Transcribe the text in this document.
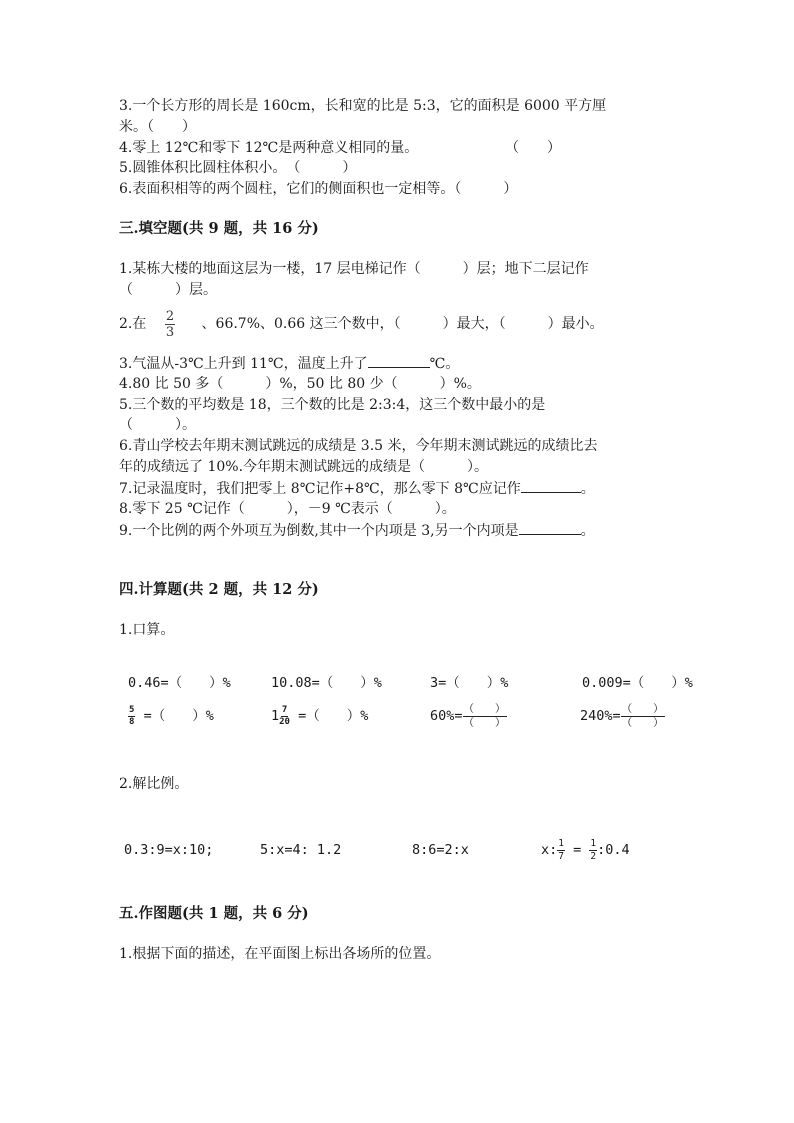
3.一个长方形的周长是 160cm，长和宽的比是 5:3，它的面积是 6000 平方厘
米。（　　）
4.零上 12℃和零下 12℃是两种意义相同的量。	（　　）
5.圆锥体积比圆柱体积小。　（　　　）
6.表面积相等的两个圆柱，它们的侧面积也一定相等。（　　　）
三.填空题(共 9 题，共 16 分)
1.某栋大楼的地面这层为一楼，17 层电梯记作（　　　）层；地下二层记作
（　　　）层。
2.在 $\frac{2}{3}$ 、66.7%、0.66 这三个数中，（　　　）最大，（　　　）最小。
3.气温从-3℃上升到 11℃，温度上升了	℃。
4.80 比 50 多（　　　）%，50 比 80 少（　　　）%。
5.三个数的平均数是 18，三个数的比是 2:3:4，这三个数中最小的是
（　　　）。
6.青山学校去年期末测试跳远的成绩是 3.5 米，今年期末测试跳远的成绩比去
年的成绩远了 10%.今年期末测试跳远的成绩是（　　　）。
7.记录温度时，我们把零上 8℃记作+8℃，那么零下 8℃应记作	。
8.零下 25 ℃记作（　　　），－9 ℃表示（　　　）。
9.一个比例的两个外项互为倒数,其中一个内项是 3,另一个内项是	。
四.计算题(共 2 题，共 12 分)
1.口算。
0.46=（　　）%	10.08=（　　）%	3=（　　）%	0.009=（　　）%
$\frac{5}{8}$ =（　　）%	$1 \frac{7}{20}$ =（　　）%	$60\%= \frac{( )}{( )}$	$240\%= \frac{( )}{( )}$
2.解比例。
0.3:9=x:10;	5:x=4: 1.2	8:6=2:x	x: $\frac{1}{7} = \frac{1}{2}$ :0.4
五.作图题(共 1 题，共 6 分)
1.根据下面的描述，在平面图上标出各场所的位置。
